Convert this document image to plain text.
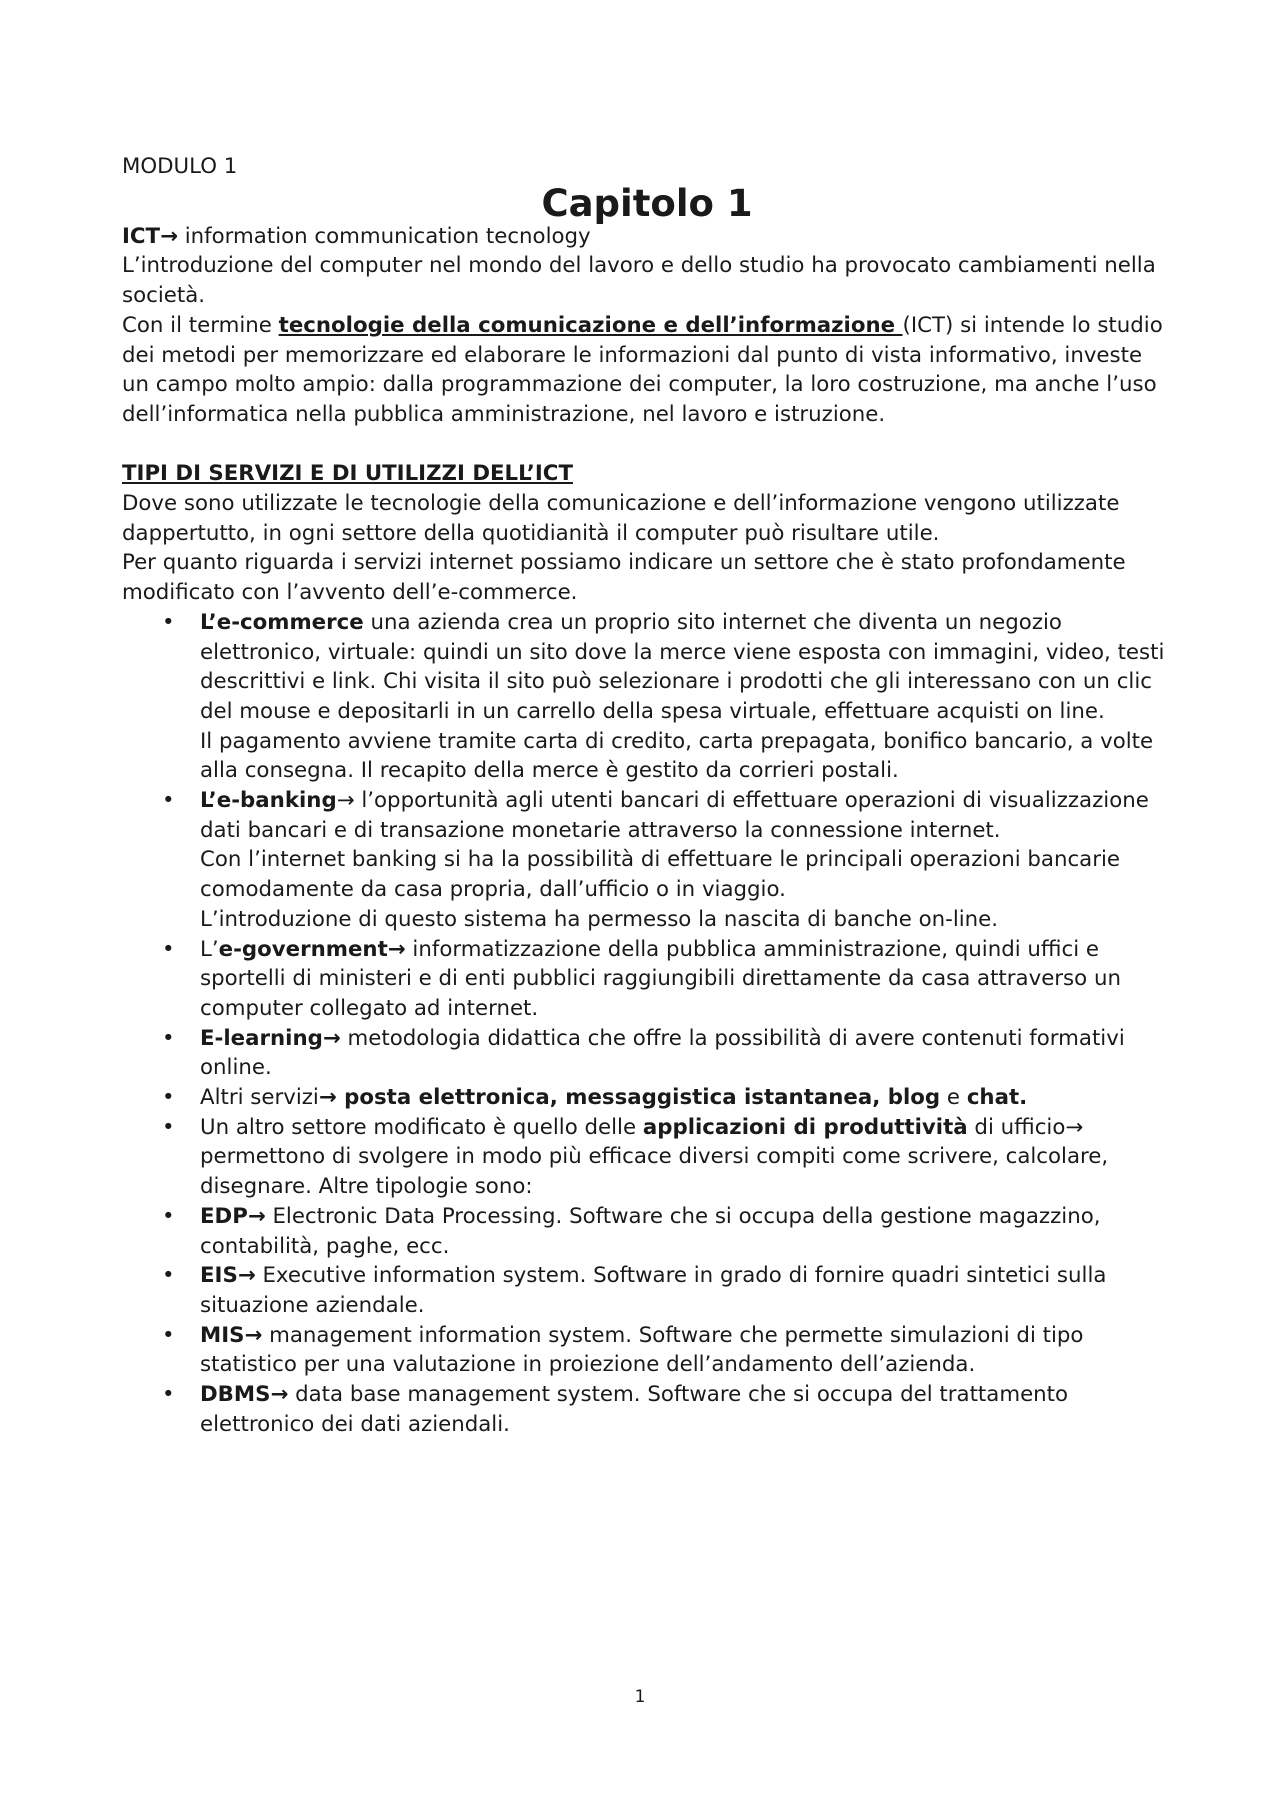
MODULO 1

Capitolo 1

ICT→ information communication tecnology

L’introduzione del computer nel mondo del lavoro e dello studio ha provocato cambiamenti nella società.

Con il termine tecnologie della comunicazione e dell’informazione (ICT) si intende lo studio dei metodi per memorizzare ed elaborare le informazioni dal punto di vista informativo, investe un campo molto ampio: dalla programmazione dei computer, la loro costruzione, ma anche l’uso dell’informatica nella pubblica amministrazione, nel lavoro e istruzione.

TIPI DI SERVIZI E DI UTILIZZI DELL’ICT

Dove sono utilizzate le tecnologie della comunicazione e dell’informazione vengono utilizzate dappertutto, in ogni settore della quotidianità il computer può risultare utile.

Per quanto riguarda i servizi internet possiamo indicare un settore che è stato profondamente modificato con l’avvento dell’e-commerce.

• L’e-commerce una azienda crea un proprio sito internet che diventa un negozio elettronico, virtuale: quindi un sito dove la merce viene esposta con immagini, video, testi descrittivi e link. Chi visita il sito può selezionare i prodotti che gli interessano con un clic del mouse e depositarli in un carrello della spesa virtuale, effettuare acquisti on line.
Il pagamento avviene tramite carta di credito, carta prepagata, bonifico bancario, a volte alla consegna. Il recapito della merce è gestito da corrieri postali.
• L’e-banking→ l’opportunità agli utenti bancari di effettuare operazioni di visualizzazione dati bancari e di transazione monetarie attraverso la connessione internet.
Con l’internet banking si ha la possibilità di effettuare le principali operazioni bancarie comodamente da casa propria, dall’ufficio o in viaggio.
L’introduzione di questo sistema ha permesso la nascita di banche on-line.
• L’e-government→ informatizzazione della pubblica amministrazione, quindi uffici e sportelli di ministeri e di enti pubblici raggiungibili direttamente da casa attraverso un computer collegato ad internet.
• E-learning→ metodologia didattica che offre la possibilità di avere contenuti formativi online.
• Altri servizi→ posta elettronica, messaggistica istantanea, blog e chat.
• Un altro settore modificato è quello delle applicazioni di produttività di ufficio→ permettono di svolgere in modo più efficace diversi compiti come scrivere, calcolare, disegnare. Altre tipologie sono:
• EDP→ Electronic Data Processing. Software che si occupa della gestione magazzino, contabilità, paghe, ecc.
• EIS→ Executive information system. Software in grado di fornire quadri sintetici sulla situazione aziendale.
• MIS→ management information system. Software che permette simulazioni di tipo statistico per una valutazione in proiezione dell’andamento dell’azienda.
• DBMS→ data base management system. Software che si occupa del trattamento elettronico dei dati aziendali.
1
